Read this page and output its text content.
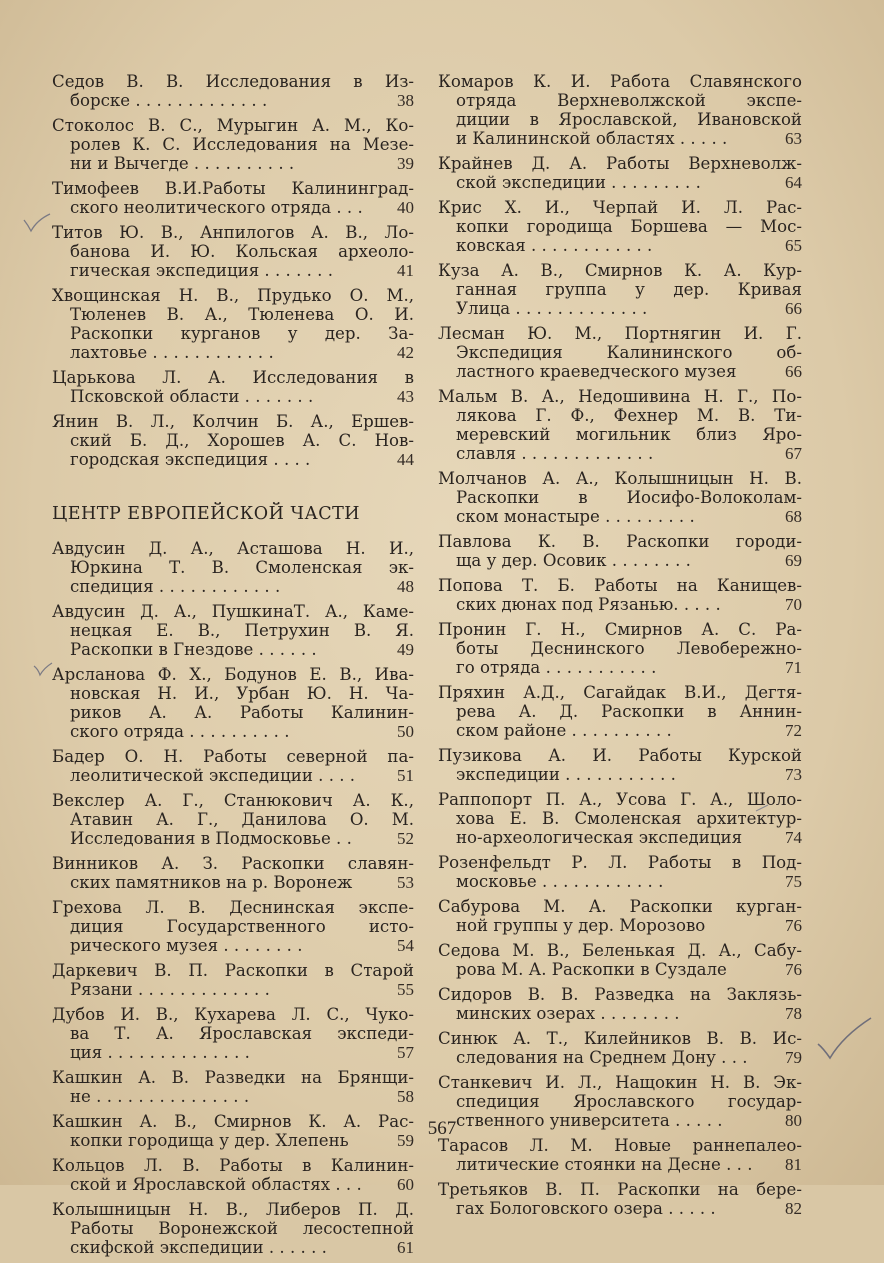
Седов В. В. Исследования в Из-
борске . . . . . . . . . . . . .	38
Стоколос В. С., Мурыгин А. М., Ко-
ролев К. С. Исследования на Мезе-
ни и Вычегде . . . . . . . . . .	39
Тимофеев В.И.Работы Калининград-
ского неолитического отряда . . .	40
Титов Ю. В., Анпилогов А. В., Ло-
банова И. Ю. Кольская археоло-
гическая экспедиция . . . . . . .	41
Хвощинская Н. В., Прудько О. М.,
Тюленев В. А., Тюленева О. И.
Раскопки курганов у дер. За-
лахтовье . . . . . . . . . . . .	42
Царькова Л. А. Исследования в
Псковской области . . . . . . .	43
Янин В. Л., Колчин Б. А., Ершев-
ский Б. Д., Хорошев А. С. Нов-
городская экспедиция . . . .	44
ЦЕНТР ЕВРОПЕЙСКОЙ ЧАСТИ
Авдусин Д. А., Асташова Н. И.,
Юркина Т. В. Смоленская эк-
спедиция . . . . . . . . . . . .	48
Авдусин Д. А., ПушкинаТ. А., Каме-
нецкая Е. В., Петрухин В. Я.
Раскопки в Гнездове . . . . . .	49
Арсланова Ф. Х., Бодунов Е. В., Ива-
новская Н. И., Урбан Ю. Н. Ча-
риков А. А. Работы Калинин-
ского отряда . . . . . . . . . .	50
Бадер О. Н. Работы северной па-
леолитической экспедиции . . . .	51
Векслер А. Г., Станюкович А. К.,
Атавин А. Г., Данилова О. М.
Исследования в Подмосковье . .	52
Винников А. З. Раскопки славян-
ских памятников на р. Воронеж	53
Грехова Л. В. Деснинская экспе-
диция Государственного исто-
рического музея . . . . . . . .	54
Даркевич В. П. Раскопки в Старой
Рязани . . . . . . . . . . . . .	55
Дубов И. В., Кухарева Л. С., Чуко-
ва Т. А. Ярославская экспеди-
ция . . . . . . . . . . . . . .	57
Кашкин А. В. Разведки на Брянщи-
не . . . . . . . . . . . . . . .	58
Кашкин А. В., Смирнов К. А. Рас-
копки городища у дер. Хлепень	59
Кольцов Л. В. Работы в Калинин-
ской и Ярославской областях . . .	60
Колышницын Н. В., Либеров П. Д.
Работы Воронежской лесостепной
скифской экспедиции . . . . . .	61
Комаров К. И. Работа Славянского
отряда Верхневолжской экспе-
диции в Ярославской, Ивановской
и Калининской областях . . . . .	63
Крайнев Д. А. Работы Верхневолж-
ской экспедиции . . . . . . . . .	64
Крис Х. И., Черпай И. Л. Рас-
копки городища Боршева — Мос-
ковская . . . . . . . . . . . .	65
Куза А. В., Смирнов К. А. Кур-
ганная группа у дер. Кривая
Улица . . . . . . . . . . . . .	66
Лесман Ю. М., Портнягин И. Г.
Экспедиция Калининского об-
ластного краеведческого музея	66
Мальм В. А., Недошивина Н. Г., По-
лякова Г. Ф., Фехнер М. В. Ти-
меревский могильник близ Яро-
славля . . . . . . . . . . . . .	67
Молчанов А. А., Колышницын Н. В.
Раскопки в Иосифо-Волоколам-
ском монастыре . . . . . . . . .	68
Павлова К. В. Раскопки городи-
ща у дер. Осовик . . . . . . . .	69
Попова Т. Б. Работы на Канищев-
ских дюнах под Рязанью. . . . .	70
Пронин Г. Н., Смирнов А. С. Ра-
боты Деснинского Левобережно-
го отряда . . . . . . . . . . .	71
Пряхин А.Д., Сагайдак В.И., Дегтя-
рева А. Д. Раскопки в Аннин-
ском районе . . . . . . . . . .	72
Пузикова А. И. Работы Курской
экспедиции . . . . . . . . . . .	73
Раппопорт П. А., Усова Г. А., Шоло-
хова Е. В. Смоленская архитектур-
но-археологическая экспедиция	74
Розенфельдт Р. Л. Работы в Под-
московье . . . . . . . . . . . .	75
Сабурова М. А. Раскопки курган-
ной группы у дер. Морозово	76
Седова М. В., Беленькая Д. А., Сабу-
рова М. А. Раскопки в Суздале	76
Сидоров В. В. Разведка на Заклязь-
минских озерах . . . . . . . .	78
Синюк А. Т., Килейников В. В. Ис-
следования на Среднем Дону . . .	79
Станкевич И. Л., Нащокин Н. В. Эк-
спедиция Ярославского государ-
ственного университета . . . . .	80
Тарасов Л. М. Новые раннепалео-
литические стоянки на Десне . . .	81
Третьяков В. П. Раскопки на бере-
гах Бологовского озера . . . . .	82
567
